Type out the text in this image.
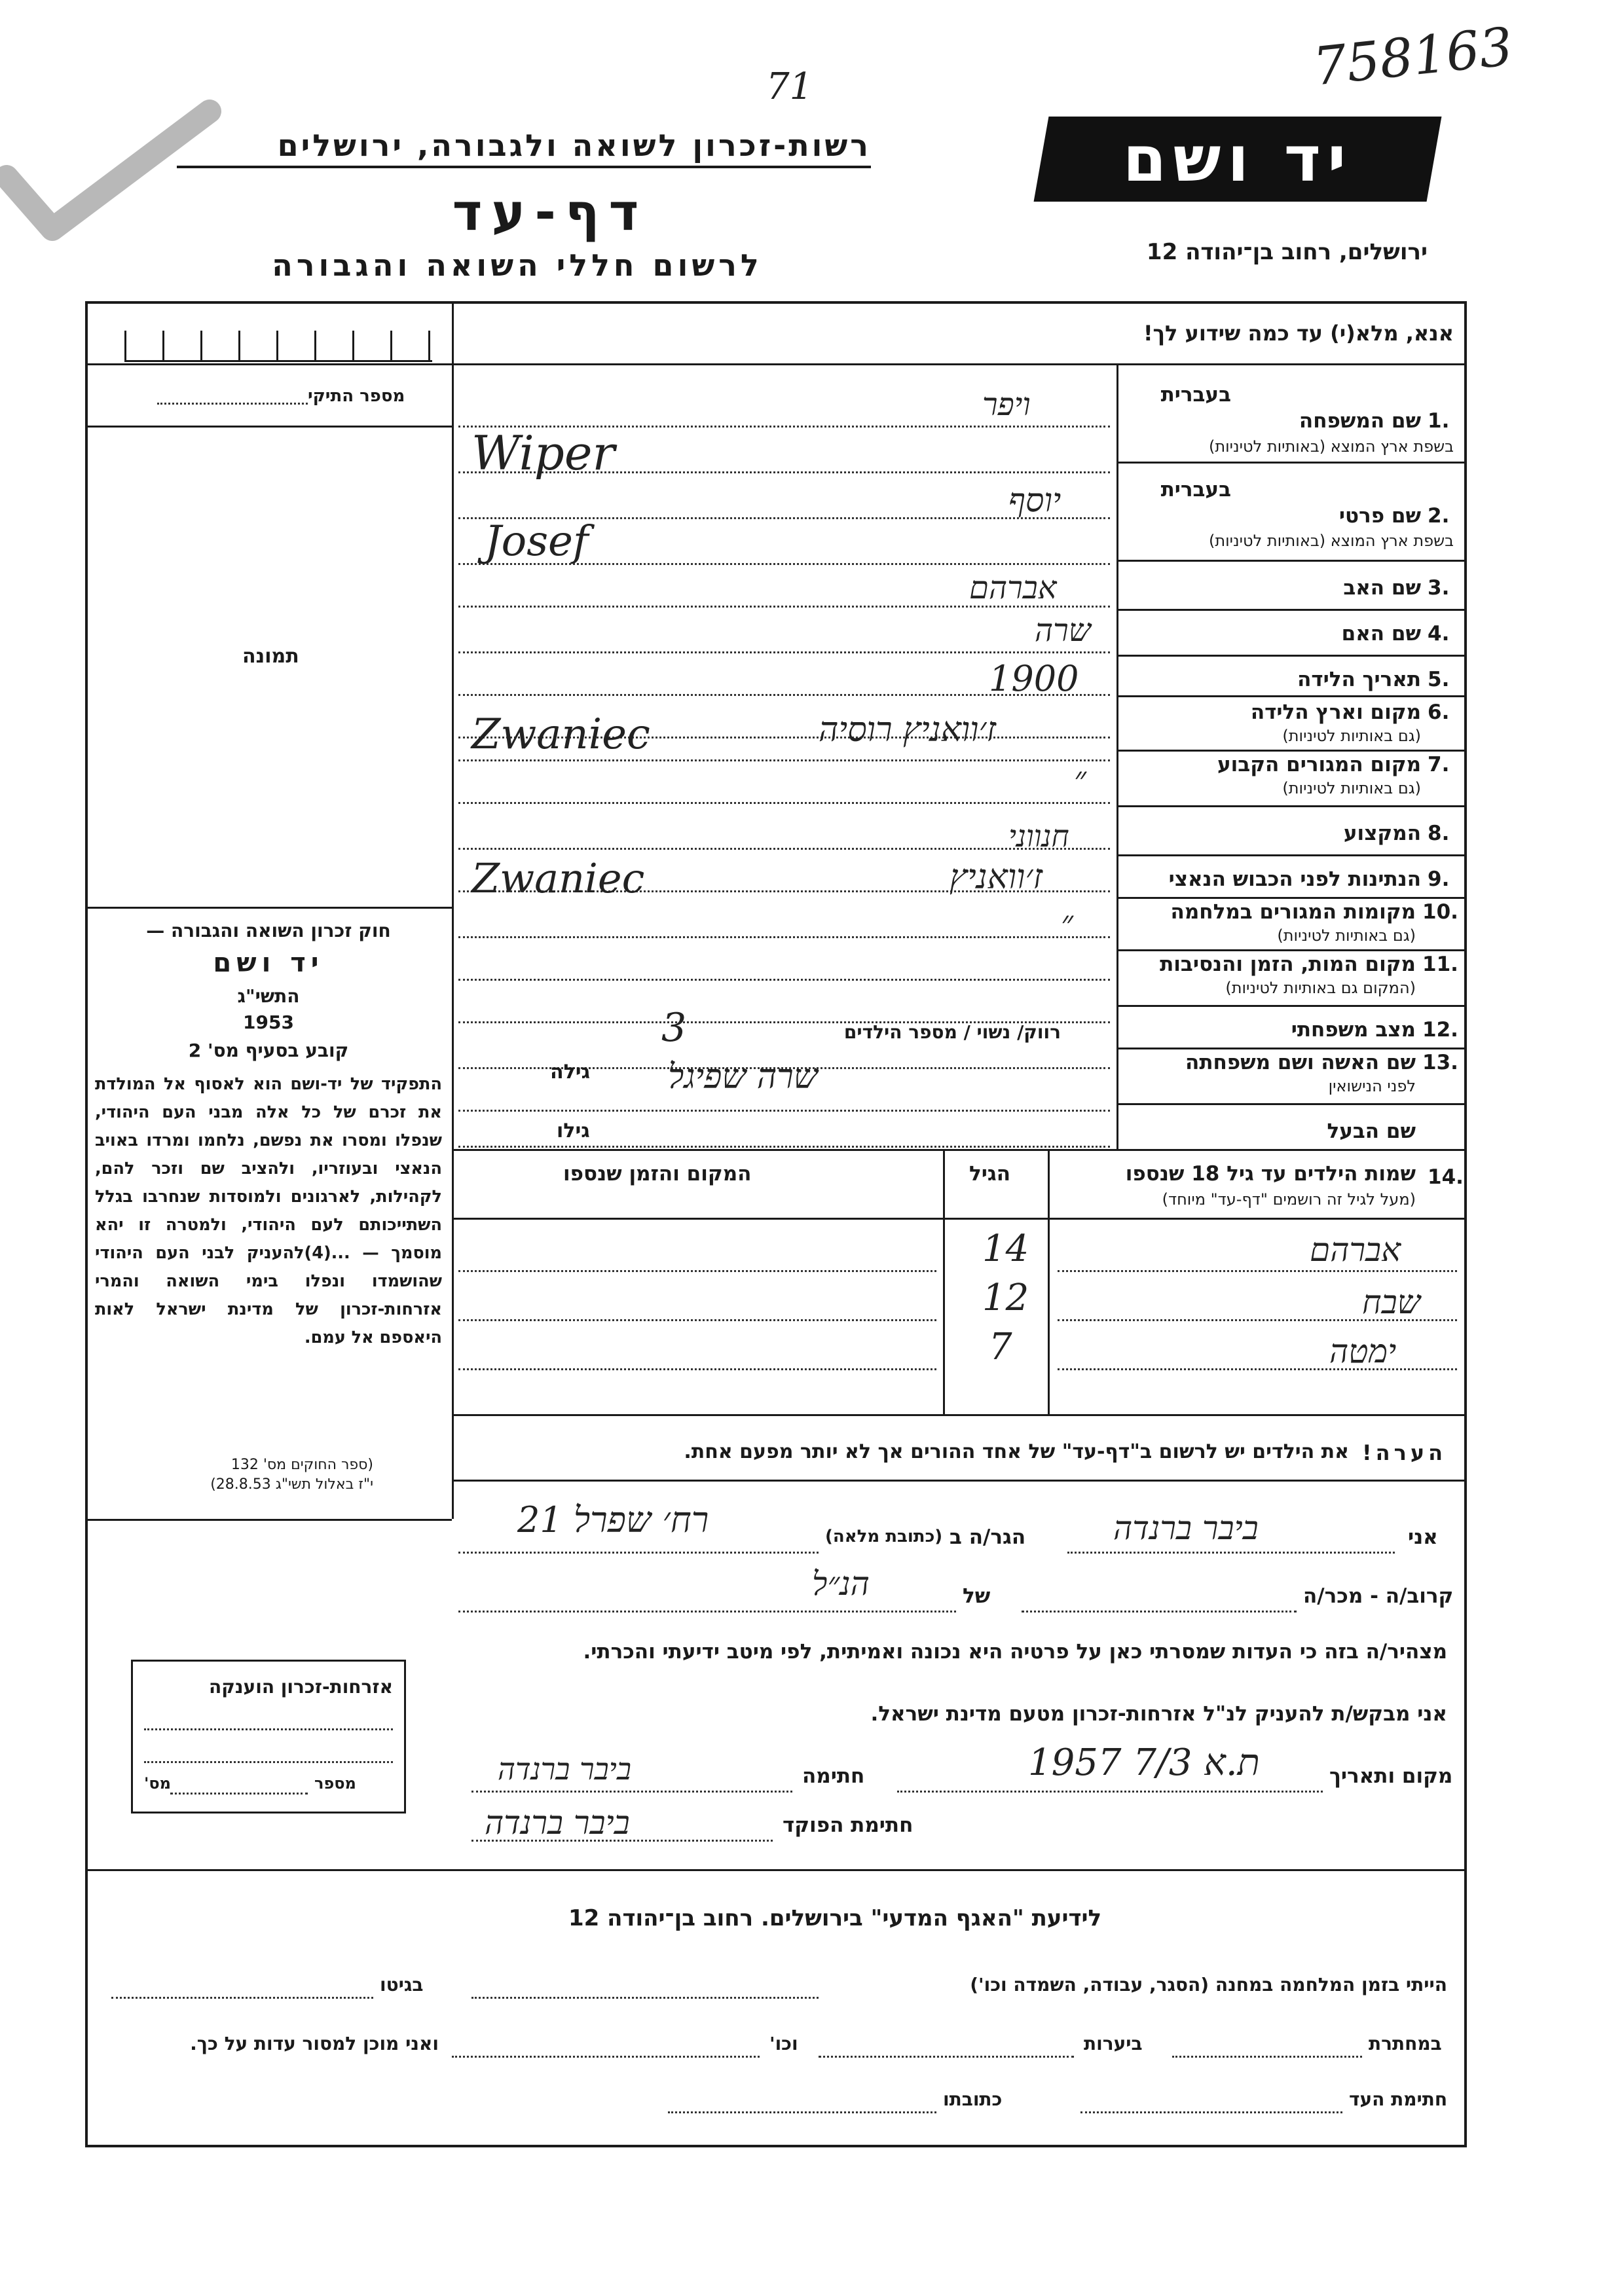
758163
71
רשות-זכרון לשואה ולגבורה, ירושלים
דף-עד
לרשום חללי השואה והגבורה
יד ושם
ירושלים, רחוב בן־יהודה 12
אנא, מלא(י) עד כמה שידוע לך!
מספר התיקי
תמונה
בעברית
1.
שם המשפחה
בשפת ארץ המוצא (באותיות לטיניות)
בעברית
2.
שם פרטי
בשפת ארץ המוצא (באותיות לטיניות)
3.
שם האב
4.
שם האם
5.
תאריך הלידה
6.
מקום וארץ הלידה
(גם באותיות לטיניות)
7.
מקום המגורים הקבוע
(גם באותיות לטיניות)
8.
המקצוע
9.
הנתינות לפני הכבוש הנאצי
10.
מקומות המגורים במלחמה
(גם באותיות לטיניות)
11.
מקום המות, הזמן והנסיבות
(המקום גם באותיות לטיניות)
12.
מצב משפחתי
13.
שם האשה ושם משפחתה
לפני הנישואין
שם הבעל
ויפר
Wiper
יוסף
Josef
אברהם
שרה
1900
ז׳וואניץ רוסיה
Zwaniec
״
חנווני
ז׳וואניץ
Zwaniec
״
רווק/ נשוי / מספר הילדים
3
גילה שרה שפיגל
גילו
14.
שמות הילדים עד גיל 18 שנספו
(מעל לגיל זה רושמים "דף-עד" מיוחד)
הגיל
המקום והזמן שנספו
אברהם
14
שבח
12
ימטה
7
חוק זכרון השואה והגבורה —
יד ושם
התשי"ג
1953
קובע בסעיף מס' 2
התפקיד של יד-ושם הוא לאסוף אל המולדת את זכרם של כל אלה מבני העם היהודי, שנפלו ומסרו את נפשם, נלחמו ומרדו באויב הנאצי ובעוזריו, ולהציב שם וזכר להם, לקהילות, לארגונים ולמוסדות שנחרבו בגלל השתייכותם לעם היהודי, ולמטרה זו יהא מוסמך — ...(4)להעניק לבני העם היהודי שהושמדו ונפלו בימי השואה והמרי אזרחות-זכרון של מדינת ישראל לאות היאספם אל עמם.
(ספר החוקים מס' 132
י"ז באלול תשי"ג 28.8.53)
הערה!
את הילדים יש לרשום ב"דף-עד" של אחד ההורים אך לא יותר מפעם אחת.
אני
ביבר ברנדה
הגר/ה ב
(כתובת מלאה)
רח׳ שפרל 21
קרוב/ה - מכר/ה
של
הנ״ל
מצהיר/ה בזה כי העדות שמסרתי כאן על פרטיה היא נכונה ואמיתית, לפי מיטב ידיעתי והכרתי.
אני מבקש/ת להעניק לנ"ל אזרחות-זכרון מטעם מדינת ישראל.
מקום ותאריך
ת.א 7/3 1957
חתימה
ביבר ברנדה
חתימת הפוקד
ביבר ברנדה
אזרחות-זכרון הוענקה
מספר
מס'
לידיעת "האגף המדעי" בירושלים. רחוב בן־יהודה 12
הייתי בזמן המלחמה במחנה (הסגר, עבודה, השמדה וכו')
בגיטו
במחתרת
ביערות
וכו'
ואני מוכן למסור עדות על כך.
חתימת העד
כתובתו
